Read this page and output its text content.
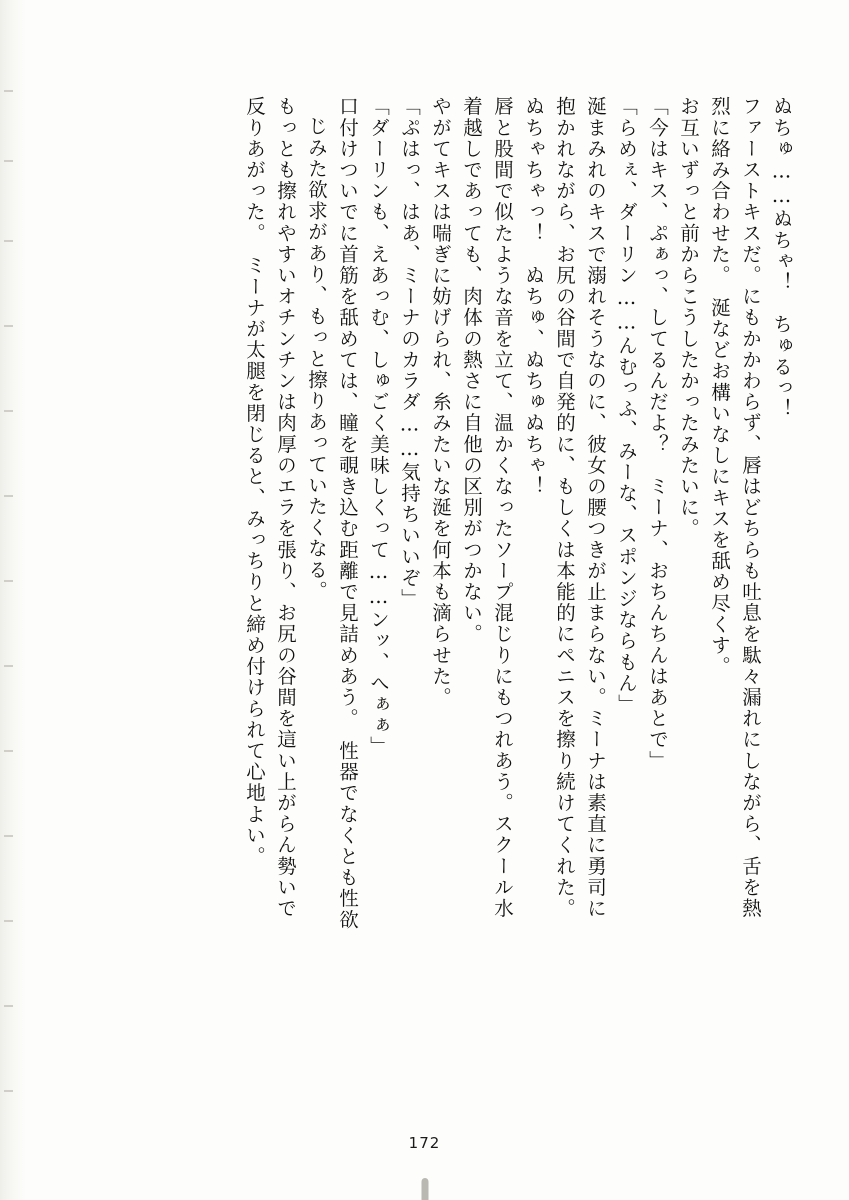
ぬちゅ……ぬちゃ！　ちゅるっ！
ファーストキスだ。にもかかわらず、唇はどちらも吐息を駄々漏れにしながら、舌を熱
烈に絡み合わせた。　涎などお構いなしにキスを舐め尽くす。
お互いずっと前からこうしたかったみたいに。
「今はキス、ぷぁっ、してるんだよ？　ミーナ、おちんちんはあとで」
「らめぇ、ダーリン……んむっふ、みーな、スポンジならもん」
涎まみれのキスで溺れそうなのに、彼女の腰つきが止まらない。ミーナは素直に勇司に
抱かれながら、お尻の谷間で自発的に、もしくは本能的にペニスを擦り続けてくれた。
ぬちゃちゃっ！　ぬちゅ、ぬちゅぬちゃ！
唇と股間で似たような音を立て、温かくなったソープ混じりにもつれあう。スクール水
着越しであっても、肉体の熱さに自他の区別がつかない。
やがてキスは喘ぎに妨げられ、糸みたいな涎を何本も滴らせた。
「ぷはっ、はあ、ミーナのカラダ……気持ちいいぞ」
「ダーリンも、えあっむ、しゅごく美味しくって……ンッ、へぁぁ」
口付けついでに首筋を舐めては、瞳を覗き込む距離で見詰めあう。　性器でなくとも性欲
じみた欲求があり、もっと擦りあっていたくなる。
もっとも擦れやすいオチンチンは肉厚のエラを張り、お尻の谷間を這い上がらん勢いで
反りあがった。　ミーナが太腿を閉じると、みっちりと締め付けられて心地よい。
172
